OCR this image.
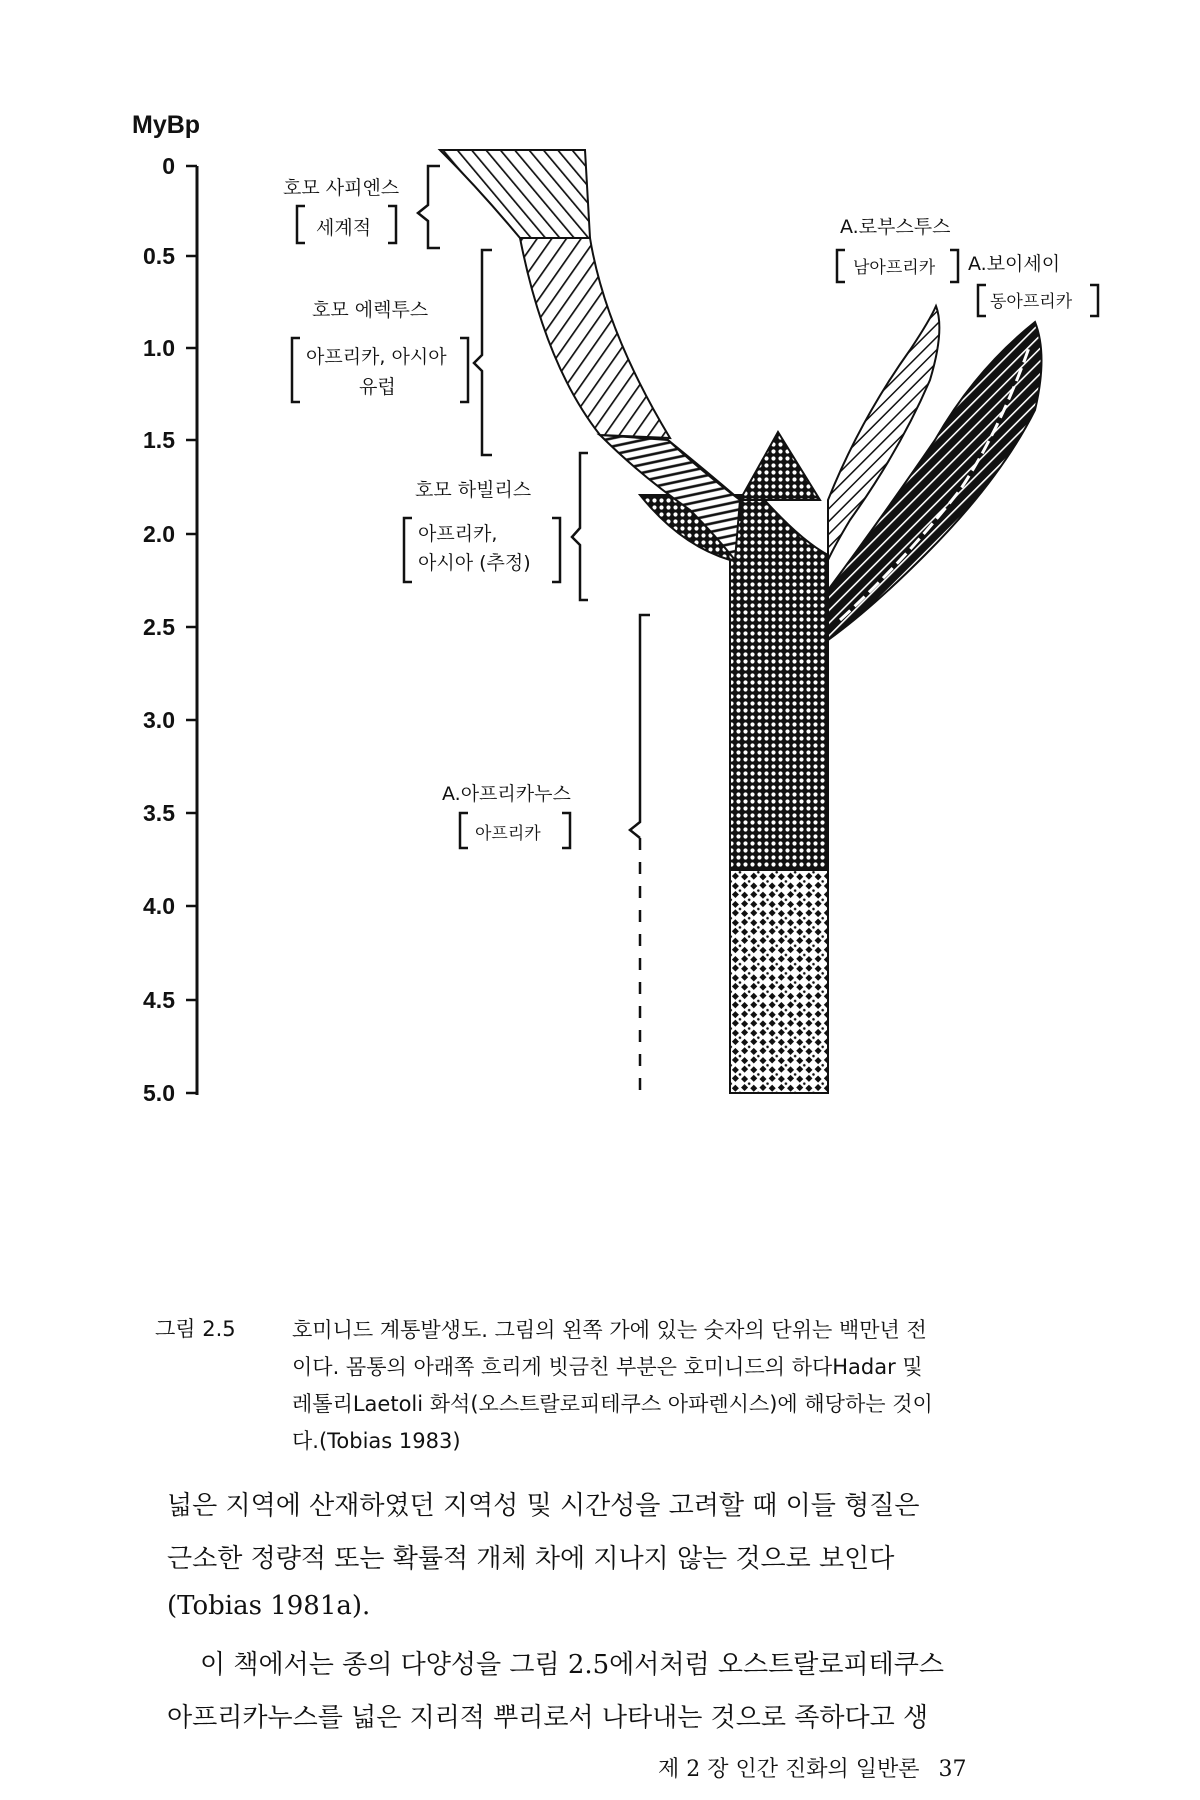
MyBp
0
0.5
1.0
1.5
2.0
2.5
3.0
3.5
4.0
4.5
5.0
호모 사피엔스
세계적
호모 에렉투스
아프리카, 아시아
유럽
호모 하빌리스
아프리카,
아시아 (추정)
A.로부스투스
남아프리카 A.보이세이
동아프리카
A.아프리카누스
아프리카
그림 2.5	호미니드 계통발생도. 그림의 왼쪽 가에 있는 숫자의 단위는 백만년 전
이다. 몸통의 아래쪽 흐리게 빗금친 부분은 호미니드의 하다Hadar 및
레톨리Laetoli 화석(오스트랄로피테쿠스 아파렌시스)에 해당하는 것이
다.(Tobias 1983)
넓은 지역에 산재하였던 지역성 및 시간성을 고려할 때 이들 형질은
근소한 정량적 또는 확률적 개체 차에 지나지 않는 것으로 보인다
(Tobias 1981a).
이 책에서는 종의 다양성을 그림 2.5에서처럼 오스트랄로피테쿠스
아프리카누스를 넓은 지리적 뿌리로서 나타내는 것으로 족하다고 생
제 2 장 인간 진화의 일반론 37
